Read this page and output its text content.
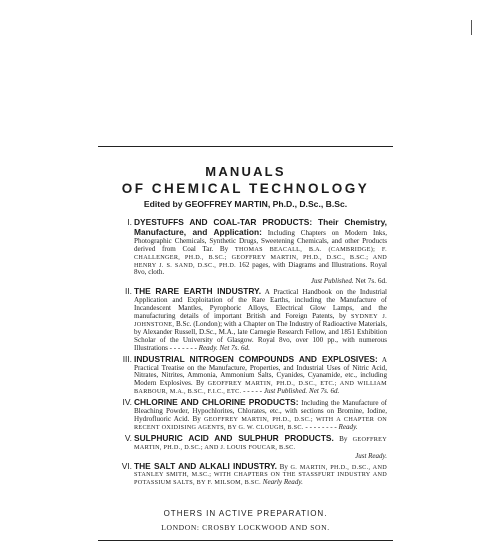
MANUALS
OF CHEMICAL TECHNOLOGY
Edited by GEOFFREY MARTIN, Ph.D., D.Sc., B.Sc.
I. DYESTUFFS AND COAL-TAR PRODUCTS: Their Chemistry, Manufacture, and Application: Including Chapters on Modern Inks, Photographic Chemicals, Synthetic Drugs, Sweetening Chemicals, and other Products derived from Coal Tar. By THOMAS BEACALL, B.A. (CAMBRIDGE); F. CHALLENGER, PH.D., B.SC.; GEOFFREY MARTIN, PH.D., D.SC., B.SC.; AND HENRY J. S. SAND, D.SC., PH.D. 162 pages, with Diagrams and Illustrations. Royal 8vo, cloth.
Just Published. Net 7s. 6d.
II. THE RARE EARTH INDUSTRY. A Practical Handbook on the Industrial Application and Exploitation of the Rare Earths, including the Manufacture of Incandescent Mantles, Pyrophoric Alloys, Electrical Glow Lamps, and the manufacturing details of important British and Foreign Patents, by SYDNEY J. JOHNSTONE, B.Sc. (London); with a Chapter on The Industry of Radioactive Materials, by Alexander Russell, D.Sc., M.A., late Carnegie Research Fellow, and 1851 Exhibition Scholar of the University of Glasgow. Royal 8vo, over 100 pp., with numerous Illustrations - - - - - - - Ready. Net 7s. 6d.
III. INDUSTRIAL NITROGEN COMPOUNDS AND EXPLOSIVES: A Practical Treatise on the Manufacture, Properties, and Industrial Uses of Nitric Acid, Nitrates, Nitrites, Ammonia, Ammonium Salts, Cyanides, Cyanamide, etc., including Modern Explosives. By GEOFFREY MARTIN, PH.D., D.SC., ETC.; AND WILLIAM BARBOUR, M.A., B.SC., F.I.C., ETC. - - - - - Just Published. Net 7s. 6d.
IV. CHLORINE AND CHLORINE PRODUCTS: Including the Manufacture of Bleaching Powder, Hypochlorites, Chlorates, etc., with sections on Bromine, Iodine, Hydrofluoric Acid. By GEOFFREY MARTIN, PH.D., D.SC.; WITH A CHAPTER ON RECENT OXIDISING AGENTS, BY G. W. CLOUGH, B.SC. - - - - - - - - Ready.
V. SULPHURIC ACID AND SULPHUR PRODUCTS. By GEOFFREY MARTIN, PH.D., D.SC.; AND J. LOUIS FOUCAR, B.SC.
Just Ready.
VI. THE SALT AND ALKALI INDUSTRY. By G. MARTIN, PH.D., D.SC., AND STANLEY SMITH, M.SC.; WITH CHAPTERS ON THE STASSFURT INDUSTRY AND POTASSIUM SALTS, BY F. MILSOM, B.SC. Nearly Ready.
OTHERS IN ACTIVE PREPARATION.
LONDON: CROSBY LOCKWOOD AND SON.
